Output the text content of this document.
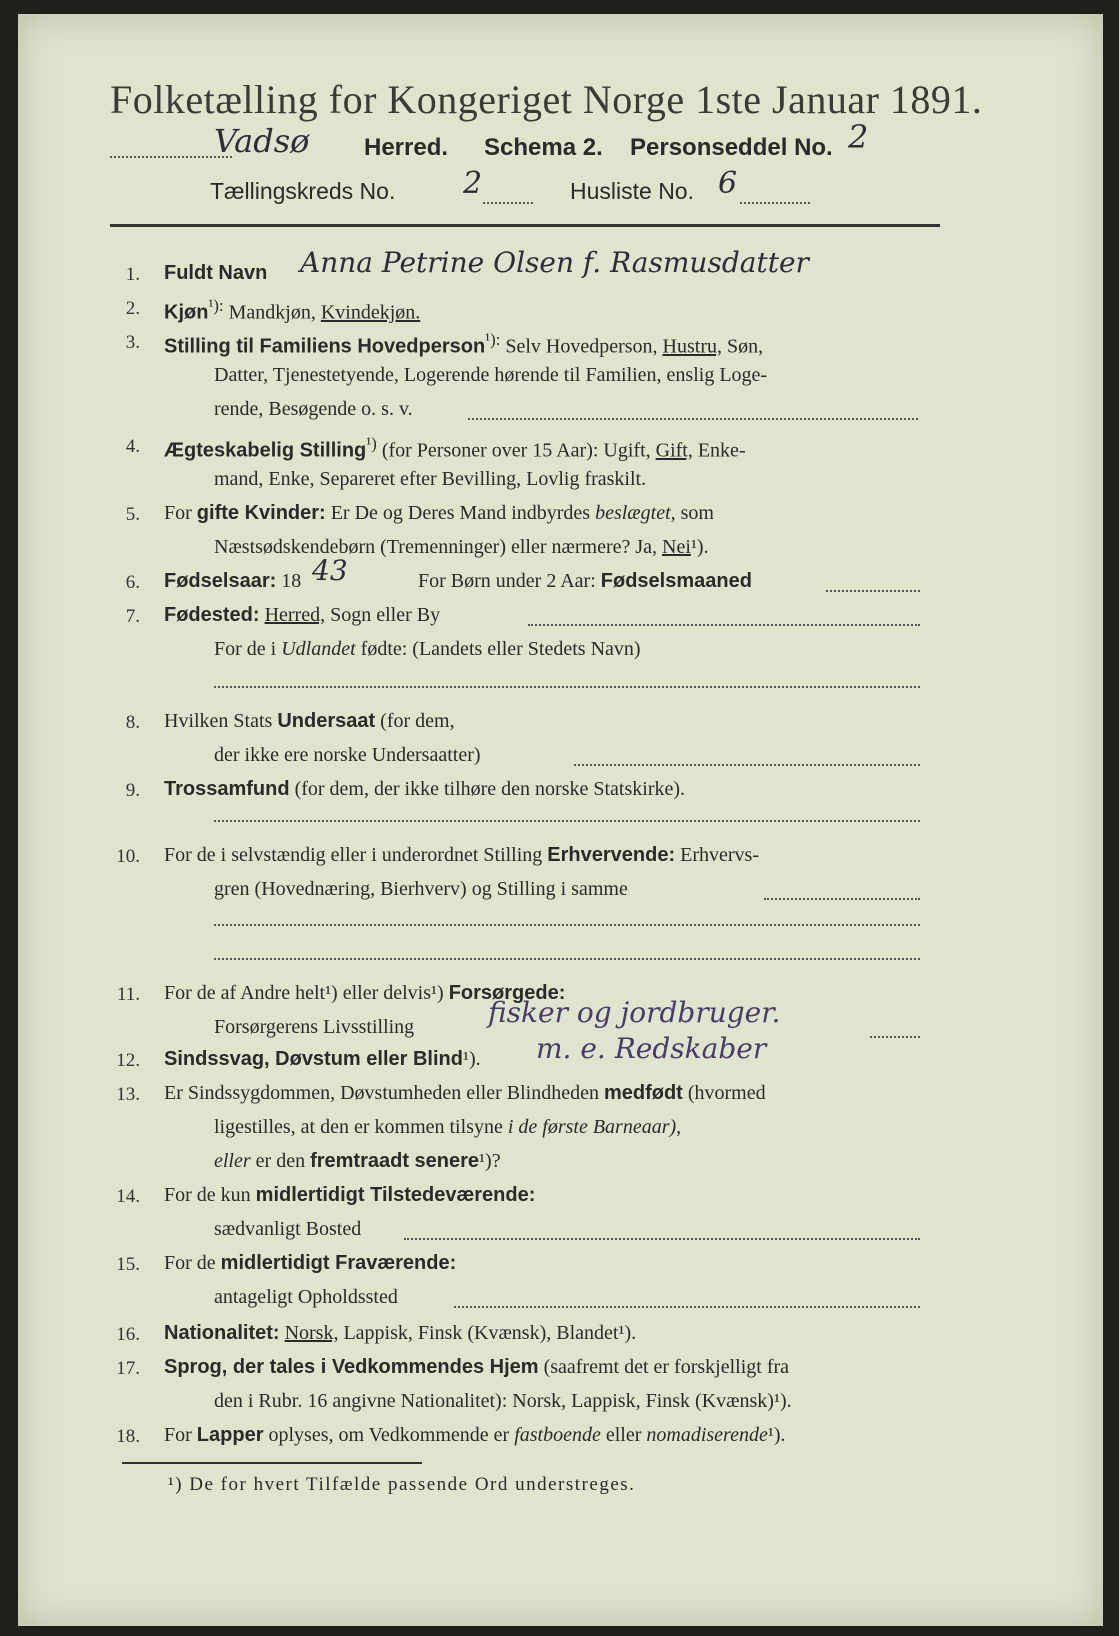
Folketælling for Kongeriget Norge 1ste Januar 1891.
Vadsø Herred. Schema 2. Personseddel No. 2
Tællingskreds No. 2	Husliste No. 6
1. Fuldt Navn Anna Petrine Olsen f. Rasmusdatter
2. Kjøn$^{^1):}$ Mandkjøn, Kvindekjøn.
3. Stilling til Familiens Hovedperson$^{^1):}$ Selv Hovedperson, Hustru, Søn,
Datter, Tjenestetyende, Logerende hørende til Familien, enslig Loge-
rende, Besøgende o. s. v.
4. Ægteskabelig Stilling$^{^1)}$ (for Personer over 15 Aar): Ugift, Gift, Enke-
mand, Enke, Separeret efter Bevilling, Lovlig fraskilt.
5. For gifte Kvinder: Er De og Deres Mand indbyrdes beslægtet, som
Næstsødskendebørn (Tremenninger) eller nærmere? Ja, Nei¹).
6. Fødselsaar: 18 43	For Børn under 2 Aar: Fødselsmaaned
7. Fødested: Herred, Sogn eller By
For de i Udlandet fødte: (Landets eller Stedets Navn)
8. Hvilken Stats Undersaat (for dem,
der ikke ere norske Undersaatter)
9. Trossamfund (for dem, der ikke tilhøre den norske Statskirke).
10. For de i selvstændig eller i underordnet Stilling Erhvervende: Erhvervs-
gren (Hovednæring, Bierhverv) og Stilling i samme
11. For de af Andre helt¹) eller delvis¹) Forsørgede:
Forsørgerens Livsstilling	fisker og jordbruger.
12. Sindssvag, Døvstum eller Blind¹). m. e. Redskaber
13. Er Sindssygdommen, Døvstumheden eller Blindheden medfødt (hvormed
ligestilles, at den er kommen tilsyne i de første Barneaar),
eller er den fremtraadt senere¹)?
14. For de kun midlertidigt Tilstedeværende:
sædvanligt Bosted
15. For de midlertidigt Fraværende:
antageligt Opholdssted
16. Nationalitet: Norsk, Lappisk, Finsk (Kvænsk), Blandet¹).
17. Sprog, der tales i Vedkommendes Hjem (saafremt det er forskjelligt fra
den i Rubr. 16 angivne Nationalitet): Norsk, Lappisk, Finsk (Kvænsk)¹).
18. For Lapper oplyses, om Vedkommende er fastboende eller nomadiserende¹).
¹) De for hvert Tilfælde passende Ord understreges.
